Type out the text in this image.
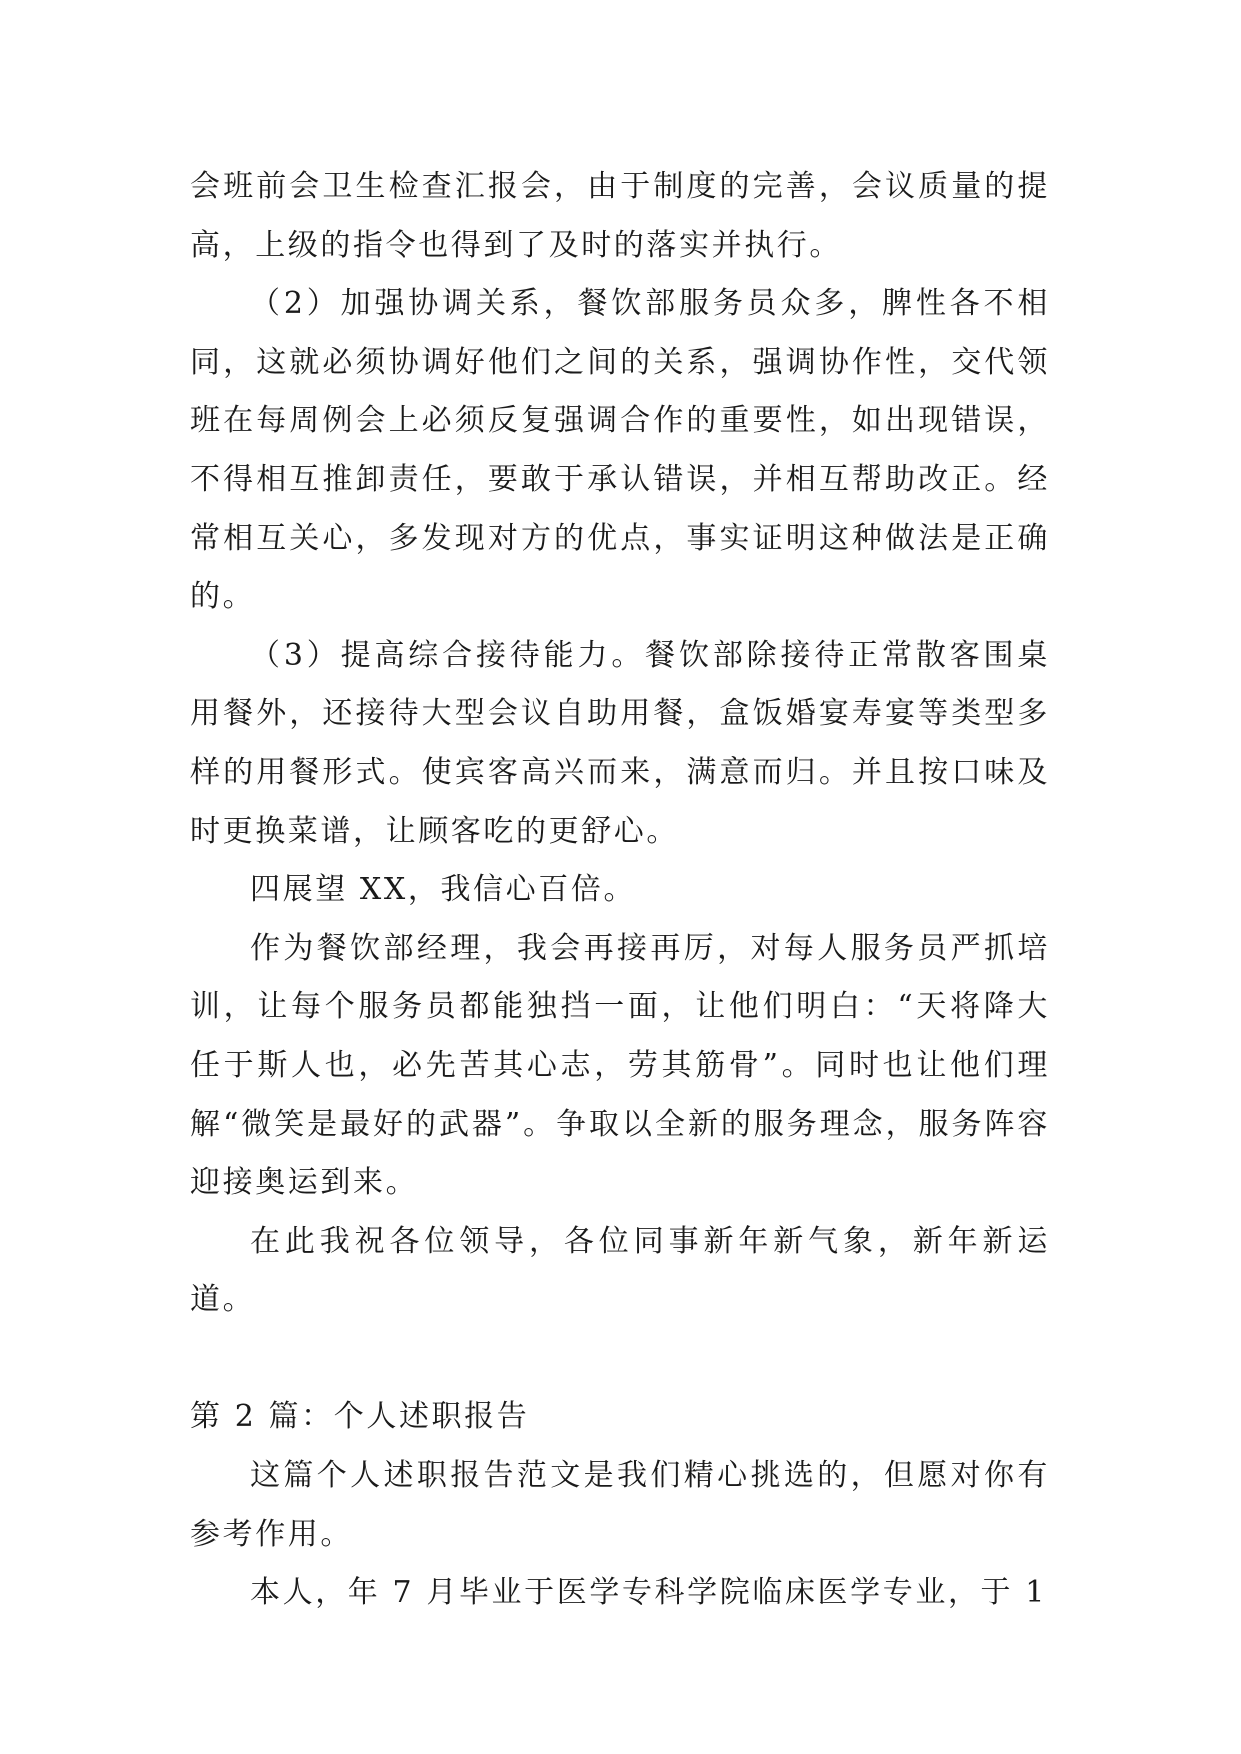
会班前会卫生检查汇报会，由于制度的完善，会议质量的提高，上级的指令也得到了及时的落实并执行。

（2）加强协调关系，餐饮部服务员众多，脾性各不相同，这就必须协调好他们之间的关系，强调协作性，交代领班在每周例会上必须反复强调合作的重要性，如出现错误，不得相互推卸责任，要敢于承认错误，并相互帮助改正。经常相互关心，多发现对方的优点，事实证明这种做法是正确的。

（3）提高综合接待能力。餐饮部除接待正常散客围桌用餐外，还接待大型会议自助用餐，盒饭婚宴寿宴等类型多样的用餐形式。使宾客高兴而来，满意而归。并且按口味及时更换菜谱，让顾客吃的更舒心。

四展望 XX，我信心百倍。

作为餐饮部经理，我会再接再厉，对每人服务员严抓培训，让每个服务员都能独挡一面，让他们明白：“天将降大任于斯人也，必先苦其心志，劳其筋骨”。同时也让他们理解“微笑是最好的武器”。争取以全新的服务理念，服务阵容迎接奥运到来。

在此我祝各位领导，各位同事新年新气象，新年新运道。

第 2 篇：个人述职报告

这篇个人述职报告范文是我们精心挑选的，但愿对你有参考作用。

本人，年 7 月毕业于医学专科学院临床医学专业，于 1
